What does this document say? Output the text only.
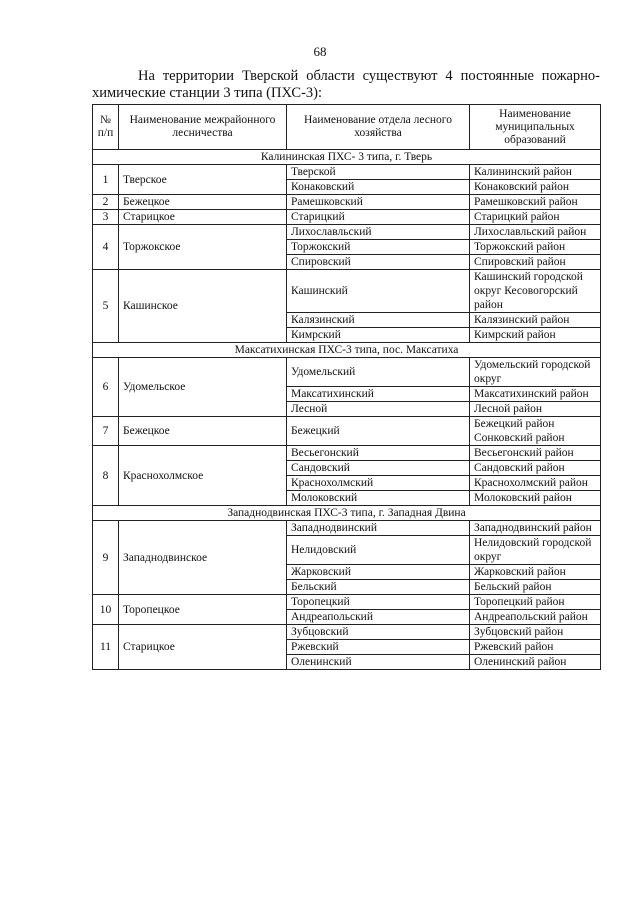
68
На территории Тверской области существуют 4 постоянные пожарно-
химические станции 3 типа (ПХС-3):
№ п/п	Наименование межрайонного лесничества	Наименование отдела лесного хозяйства	Наименование муниципальных образований
Калининская ПХС- 3 типа, г. Тверь			
1	Тверское	Тверской	Калининский район
		Конаковский	Конаковский район
2	Бежецкое	Рамешковский	Рамешковский район
3	Старицкое	Старицкий	Старицкий район
4	Торжокское	Лихославльский	Лихославльский район
		Торжокский	Торжокский район
		Спировский	Спировский район
5	Кашинское	Кашинский	Кашинский городской округ Кесовогорский район
		Калязинский	Калязинский район
		Кимрский	Кимрский район
Максатихинская ПХС-3 типа, пос. Максатиха			
6	Удомельское	Удомельский	Удомельский городской округ
		Максатихинский	Максатихинский район
		Лесной	Лесной район
7	Бежецкое	Бежецкий	Бежецкий район Сонковский район
8	Краснохолмское	Весьегонский	Весьегонский район
		Сандовский	Сандовский район
		Краснохолмский	Краснохолмский район
		Молоковский	Молоковский район
Западнодвинская ПХС-3 типа, г. Западная Двина			
9	Западнодвинское	Западнодвинский	Западнодвинский район
		Нелидовский	Нелидовский городской округ
		Жарковский	Жарковский район
		Бельский	Бельский район
10	Торопецкое	Торопецкий	Торопецкий район
		Андреапольский	Андреапольский район
11	Старицкое	Зубцовский	Зубцовский район
		Ржевский	Ржевский район
		Оленинский	Оленинский район
